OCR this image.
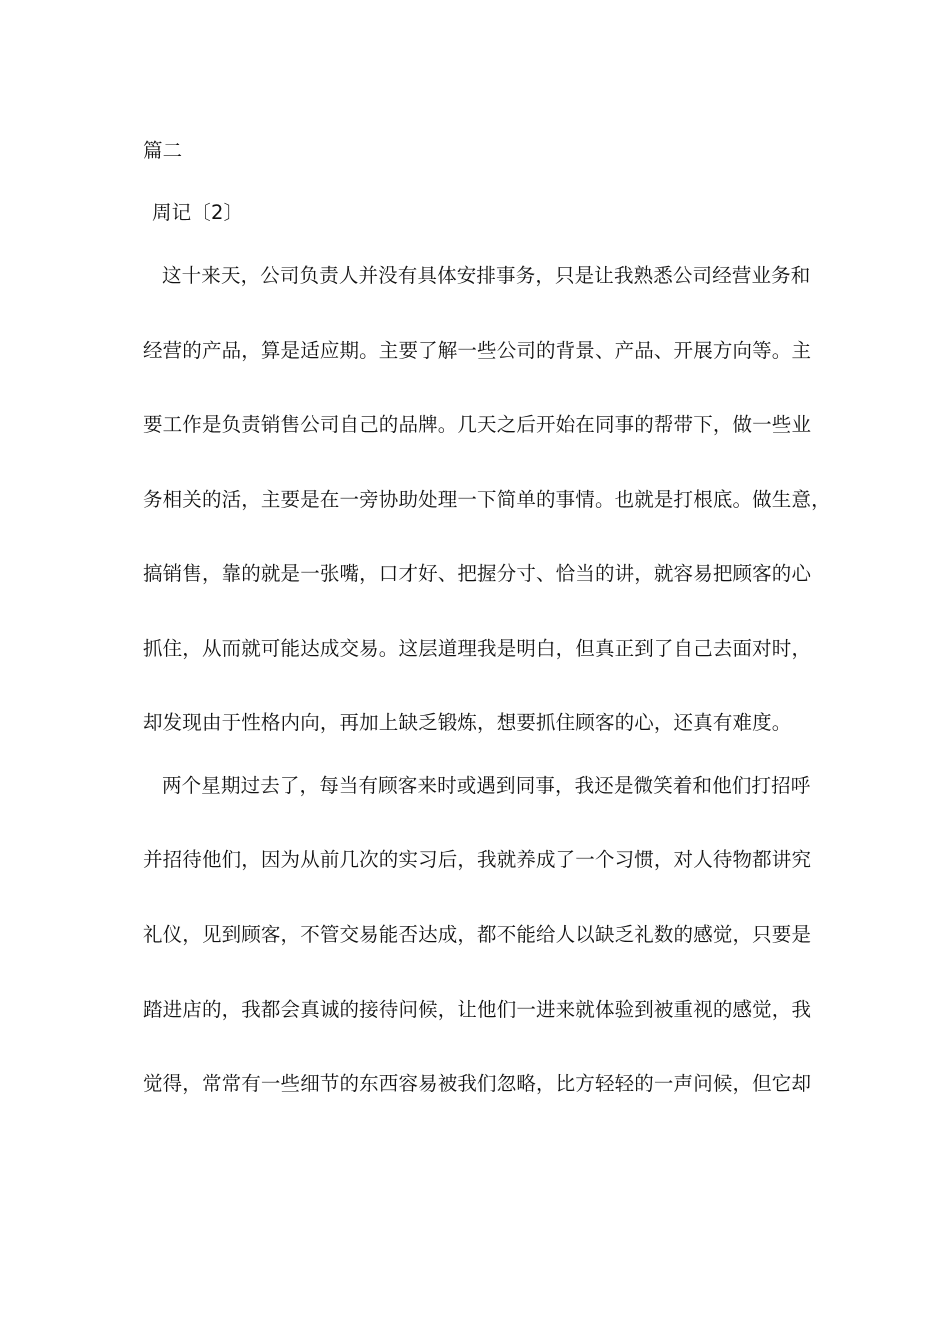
篇二
周记〔2〕
这十来天，公司负责人并没有具体安排事务，只是让我熟悉公司经营业务和
经营的产品，算是适应期。主要了解一些公司的背景、产品、开展方向等。主
要工作是负责销售公司自己的品牌。几天之后开始在同事的帮带下，做一些业
务相关的活，主要是在一旁协助处理一下简单的事情。也就是打根底。做生意，
搞销售，靠的就是一张嘴，口才好、把握分寸、恰当的讲，就容易把顾客的心
抓住，从而就可能达成交易。这层道理我是明白，但真正到了自己去面对时，
却发现由于性格内向，再加上缺乏锻炼，想要抓住顾客的心，还真有难度。
两个星期过去了，每当有顾客来时或遇到同事，我还是微笑着和他们打招呼
并招待他们，因为从前几次的实习后，我就养成了一个习惯，对人待物都讲究
礼仪，见到顾客，不管交易能否达成，都不能给人以缺乏礼数的感觉，只要是
踏进店的，我都会真诚的接待问候，让他们一进来就体验到被重视的感觉，我
觉得，常常有一些细节的东西容易被我们忽略，比方轻轻的一声问候，但它却
